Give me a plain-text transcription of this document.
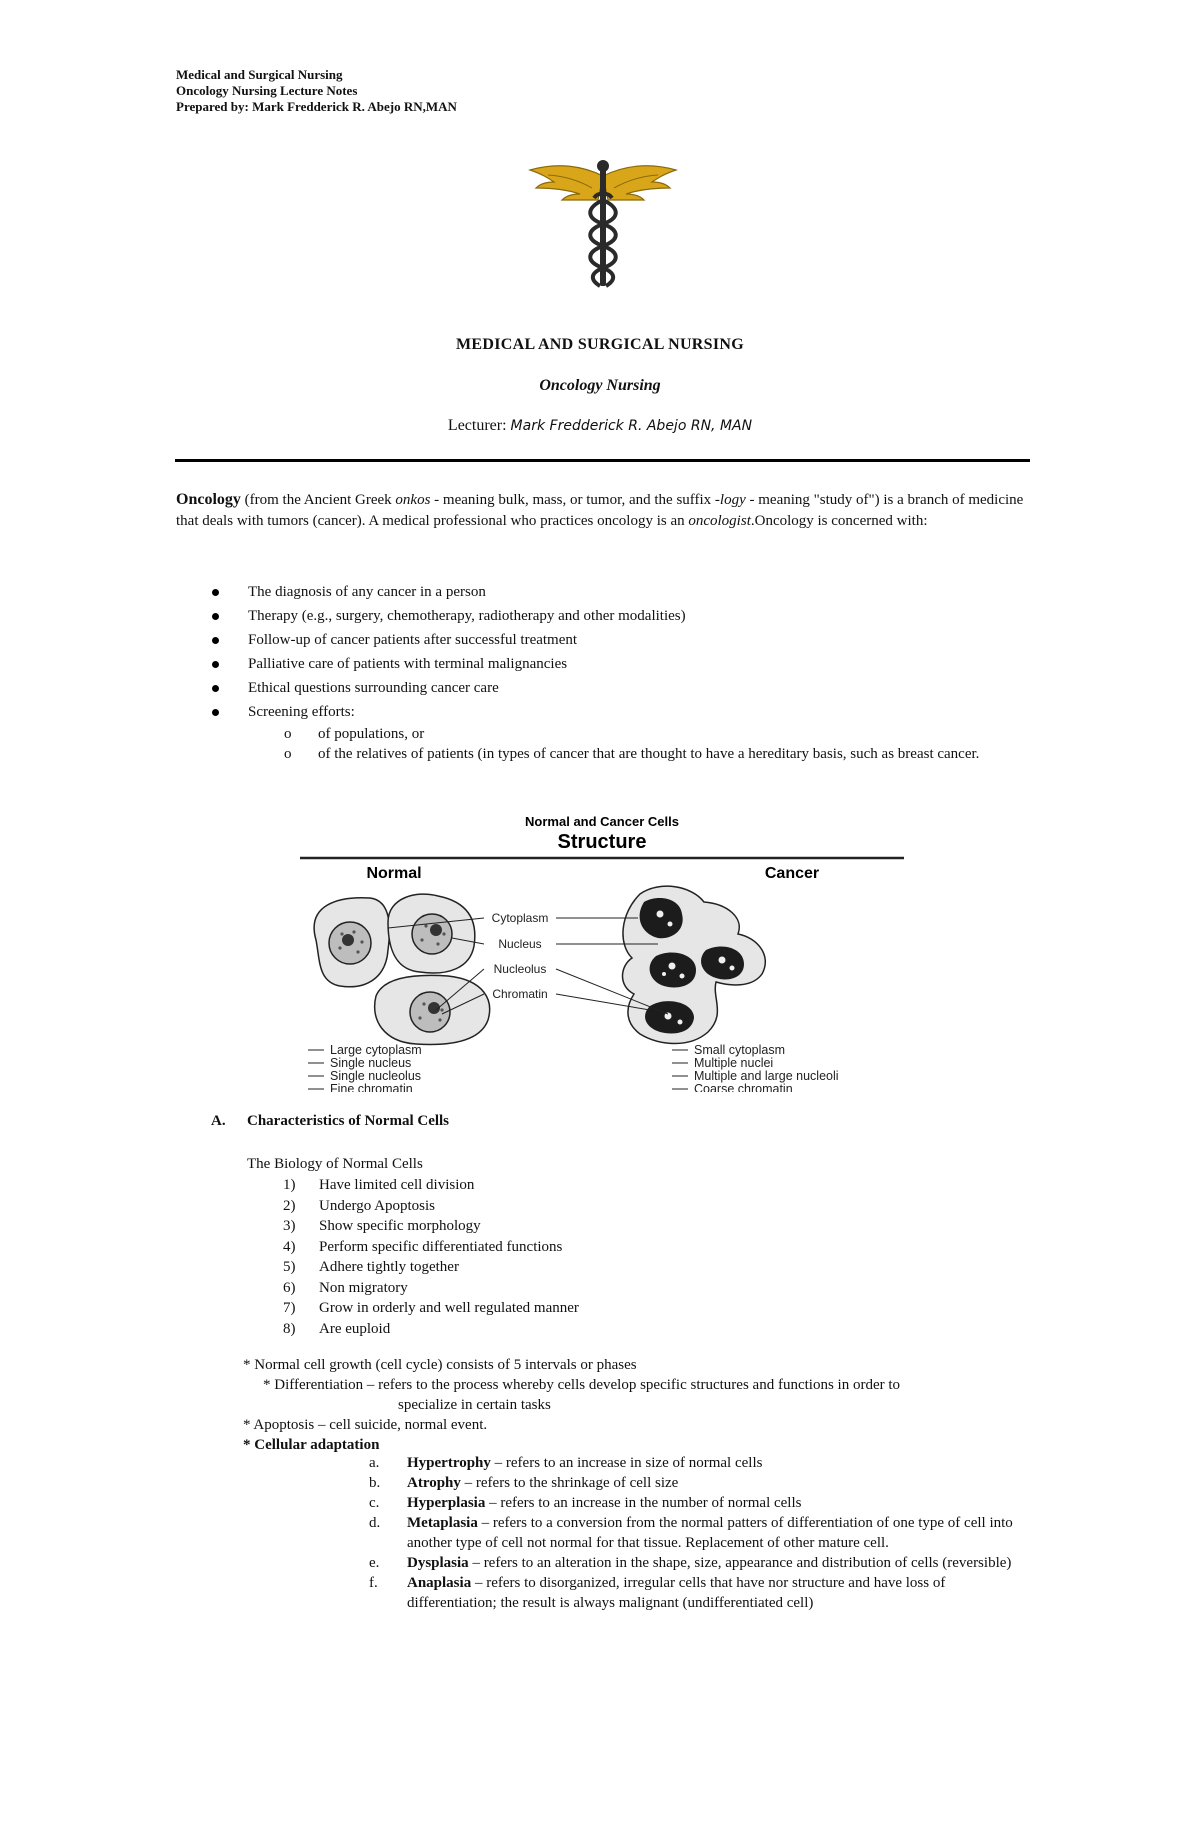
Medical and Surgical Nursing
Oncology Nursing Lecture Notes
Prepared by: Mark Fredderick R. Abejo RN,MAN
MEDICAL AND SURGICAL NURSING
Oncology Nursing
Lecturer: Mark Fredderick R. Abejo RN, MAN
Oncology (from the Ancient Greek onkos - meaning bulk, mass, or tumor, and the suffix -logy - meaning "study of") is a branch of medicine that deals with tumors (cancer). A medical professional who practices oncology is an oncologist.Oncology is concerned with:
The diagnosis of any cancer in a person
Therapy (e.g., surgery, chemotherapy, radiotherapy and other modalities)
Follow-up of cancer patients after successful treatment
Palliative care of patients with terminal malignancies
Ethical questions surrounding cancer care
Screening efforts:
o of populations, or
o of the relatives of patients (in types of cancer that are thought to have a hereditary basis, such as breast cancer.
Normal and Cancer Cells
Structure
Normal	Cancer
Cytoplasm
Nucleus
Nucleolus
Chromatin
Large cytoplasm
Single nucleus
Single nucleolus
Fine chromatin
Small cytoplasm
Multiple nuclei
Multiple and large nucleoli
Coarse chromatin
A. Characteristics of Normal Cells
The Biology of Normal Cells
1) Have limited cell division
2) Undergo Apoptosis
3) Show specific morphology
4) Perform specific differentiated functions
5) Adhere tightly together
6) Non migratory
7) Grow in orderly and well regulated manner
8) Are euploid
* Normal cell growth (cell cycle) consists of 5 intervals or phases
* Differentiation – refers to the process whereby cells develop specific structures and functions in order to
specialize in certain tasks
* Apoptosis – cell suicide, normal event.
* Cellular adaptation
a. Hypertrophy – refers to an increase in size of normal cells
b. Atrophy – refers to the shrinkage of cell size
c. Hyperplasia – refers to an increase in the number of normal cells
d. Metaplasia – refers to a conversion from the normal patters of differentiation of one type of cell into another type of cell not normal for that tissue. Replacement of other mature cell.
e. Dysplasia – refers to an alteration in the shape, size, appearance and distribution of cells (reversible)
f. Anaplasia – refers to disorganized, irregular cells that have nor structure and have loss of differentiation; the result is always malignant (undifferentiated cell)
